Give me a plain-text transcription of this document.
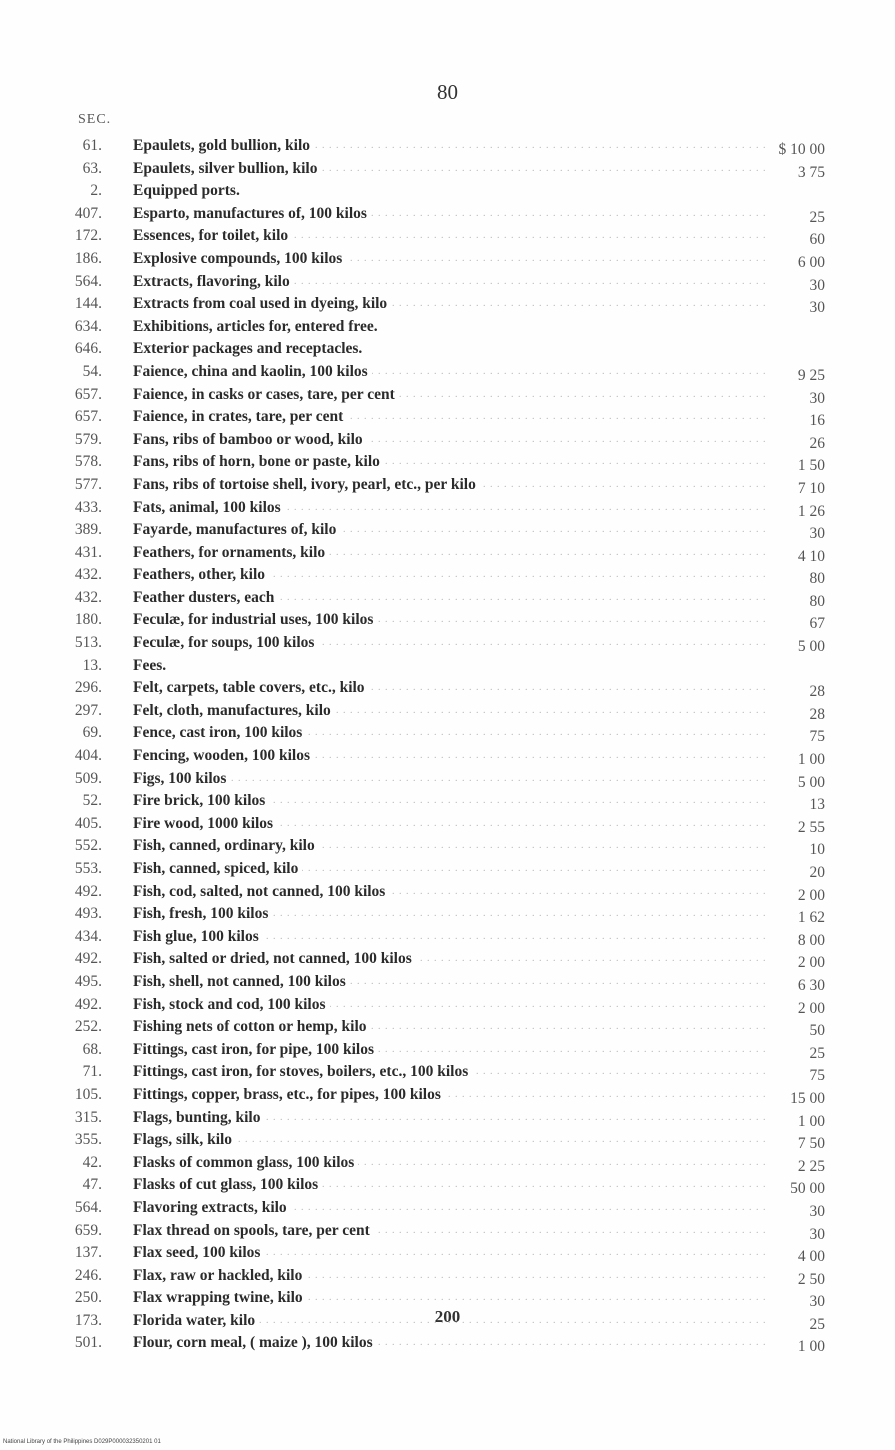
80
SEC.
61. Epaulets, gold bullion, kilo . . .	$ 10 00
63. Epaulets, silver bullion, kilo . . .	3 75
2. Equipped ports.
407. Esparto, manufactures of, 100 kilos . . .	25
172. Essences, for toilet, kilo . . .	60
186. Explosive compounds, 100 kilos . . .	6 00
564. Extracts, flavoring, kilo . . .	30
144. Extracts from coal used in dyeing, kilo . . .	30
634. Exhibitions, articles for, entered free.
646. Exterior packages and receptacles.
54. Faience, china and kaolin, 100 kilos . . .	9 25
657. Faience, in casks or cases, tare, per cent . . .	30
657. Faience, in crates, tare, per cent . . .	16
579. Fans, ribs of bamboo or wood, kilo . . .	26
578. Fans, ribs of horn, bone or paste, kilo . . .	1 50
577. Fans, ribs of tortoise shell, ivory, pearl, etc., per kilo . . .	7 10
433. Fats, animal, 100 kilos . . .	1 26
389. Fayarde, manufactures of, kilo . . .	30
431. Feathers, for ornaments, kilo . . .	4 10
432. Feathers, other, kilo . . .	80
432. Feather dusters, each . . .	80
180. Feculæ, for industrial uses, 100 kilos . . .	67
513. Feculæ, for soups, 100 kilos . . .	5 00
13. Fees.
296. Felt, carpets, table covers, etc., kilo . . .	28
297. Felt, cloth, manufactures, kilo . . .	28
69. Fence, cast iron, 100 kilos . . .	75
404. Fencing, wooden, 100 kilos . . .	1 00
509. Figs, 100 kilos . . .	5 00
52. Fire brick, 100 kilos . . .	13
405. Fire wood, 1000 kilos . . .	2 55
552. Fish, canned, ordinary, kilo . . .	10
553. Fish, canned, spiced, kilo . . .	20
492. Fish, cod, salted, not canned, 100 kilos . . .	2 00
493. Fish, fresh, 100 kilos . . .	1 62
434. Fish glue, 100 kilos . . .	8 00
492. Fish, salted or dried, not canned, 100 kilos . . .	2 00
495. Fish, shell, not canned, 100 kilos . . .	6 30
492. Fish, stock and cod, 100 kilos . . .	2 00
252. Fishing nets of cotton or hemp, kilo . . .	50
68. Fittings, cast iron, for pipe, 100 kilos . . .	25
71. Fittings, cast iron, for stoves, boilers, etc., 100 kilos . . .	75
105. Fittings, copper, brass, etc., for pipes, 100 kilos . . .	15 00
315. Flags, bunting, kilo . . .	1 00
355. Flags, silk, kilo . . .	7 50
42. Flasks of common glass, 100 kilos . . .	2 25
47. Flasks of cut glass, 100 kilos . . .	50 00
564. Flavoring extracts, kilo . . .	30
659. Flax thread on spools, tare, per cent . . .	30
137. Flax seed, 100 kilos . . .	4 00
246. Flax, raw or hackled, kilo . . .	2 50
250. Flax wrapping twine, kilo . . .	30
173. Florida water, kilo . . .	25
501. Flour, corn meal, ( maize ), 100 kilos . . .	1 00
200
National Library of the Philippines D029P000032350201 01
